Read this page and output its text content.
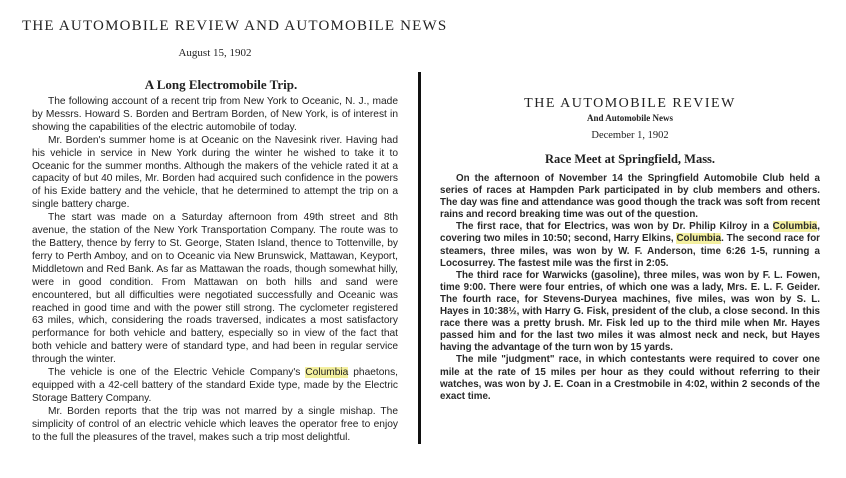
THE AUTOMOBILE REVIEW AND AUTOMOBILE NEWS
August 15, 1902
A Long Electromobile Trip.

The following account of a recent trip from New York to Oceanic, N. J., made by Messrs. Howard S. Borden and Bertram Borden, of New York, is of interest in showing the capabilities of the electric automobile of today.

Mr. Borden's summer home is at Oceanic on the Navesink river. Having had his vehicle in service in New York during the winter he wished to take it to Oceanic for the summer months. Although the makers of the vehicle rated it at a capacity of but 40 miles, Mr. Borden had acquired such confidence in the powers of his Exide battery and the vehicle, that he determined to attempt the trip on a single battery charge.

The start was made on a Saturday afternoon from 49th street and 8th avenue, the station of the New York Transportation Company. The route was to the Battery, thence by ferry to St. George, Staten Island, thence to Tottenville, by ferry to Perth Amboy, and on to Oceanic via New Brunswick, Mattawan, Keyport, Middletown and Red Bank. As far as Mattawan the roads, though somewhat hilly, were in good condition. From Mattawan on both hills and sand were encountered, but all difficulties were negotiated successfully and Oceanic was reached in good time and with the power still strong. The cyclometer registered 63 miles, which, considering the roads traversed, indicates a most satisfactory performance for both vehicle and battery, especially so in view of the fact that both vehicle and battery were of standard type, and had been in regular service through the winter.

The vehicle is one of the Electric Vehicle Company's Columbia phaetons, equipped with a 42-cell battery of the standard Exide type, made by the Electric Storage Battery Company.

Mr. Borden reports that the trip was not marred by a single mishap. The simplicity of control of an electric vehicle which leaves the operator free to enjoy to the full the pleasures of the travel, makes such a trip most delightful.

THE AUTOMOBILE REVIEW
And Automobile News
December 1, 1902
Race Meet at Springfield, Mass.

On the afternoon of November 14 the Springfield Automobile Club held a series of races at Hampden Park participated in by club members and others. The day was fine and attendance was good though the track was soft from recent rains and record breaking time was out of the question.

The first race, that for Electrics, was won by Dr. Philip Kilroy in a Columbia, covering two miles in 10:50; second, Harry Elkins, Columbia. The second race for steamers, three miles, was won by W. F. Anderson, time 6:26 1-5, running a Locosurrey. The fastest mile was the first in 2:05.

The third race for Warwicks (gasoline), three miles, was won by F. L. Fowen, time 9:00. There were four entries, of which one was a lady, Mrs. E. L. F. Geider. The fourth race, for Stevens-Duryea machines, five miles, was won by S. L. Hayes in 10:38½, with Harry G. Fisk, president of the club, a close second. In this race there was a pretty brush. Mr. Fisk led up to the third mile when Mr. Hayes passed him and for the last two miles it was almost neck and neck, but Hayes having the advantage of the turn won by 15 yards.

The mile "judgment" race, in which contestants were required to cover one mile at the rate of 15 miles per hour as they could without referring to their watches, was won by J. E. Coan in a Crestmobile in 4:02, within 2 seconds of the exact time.
